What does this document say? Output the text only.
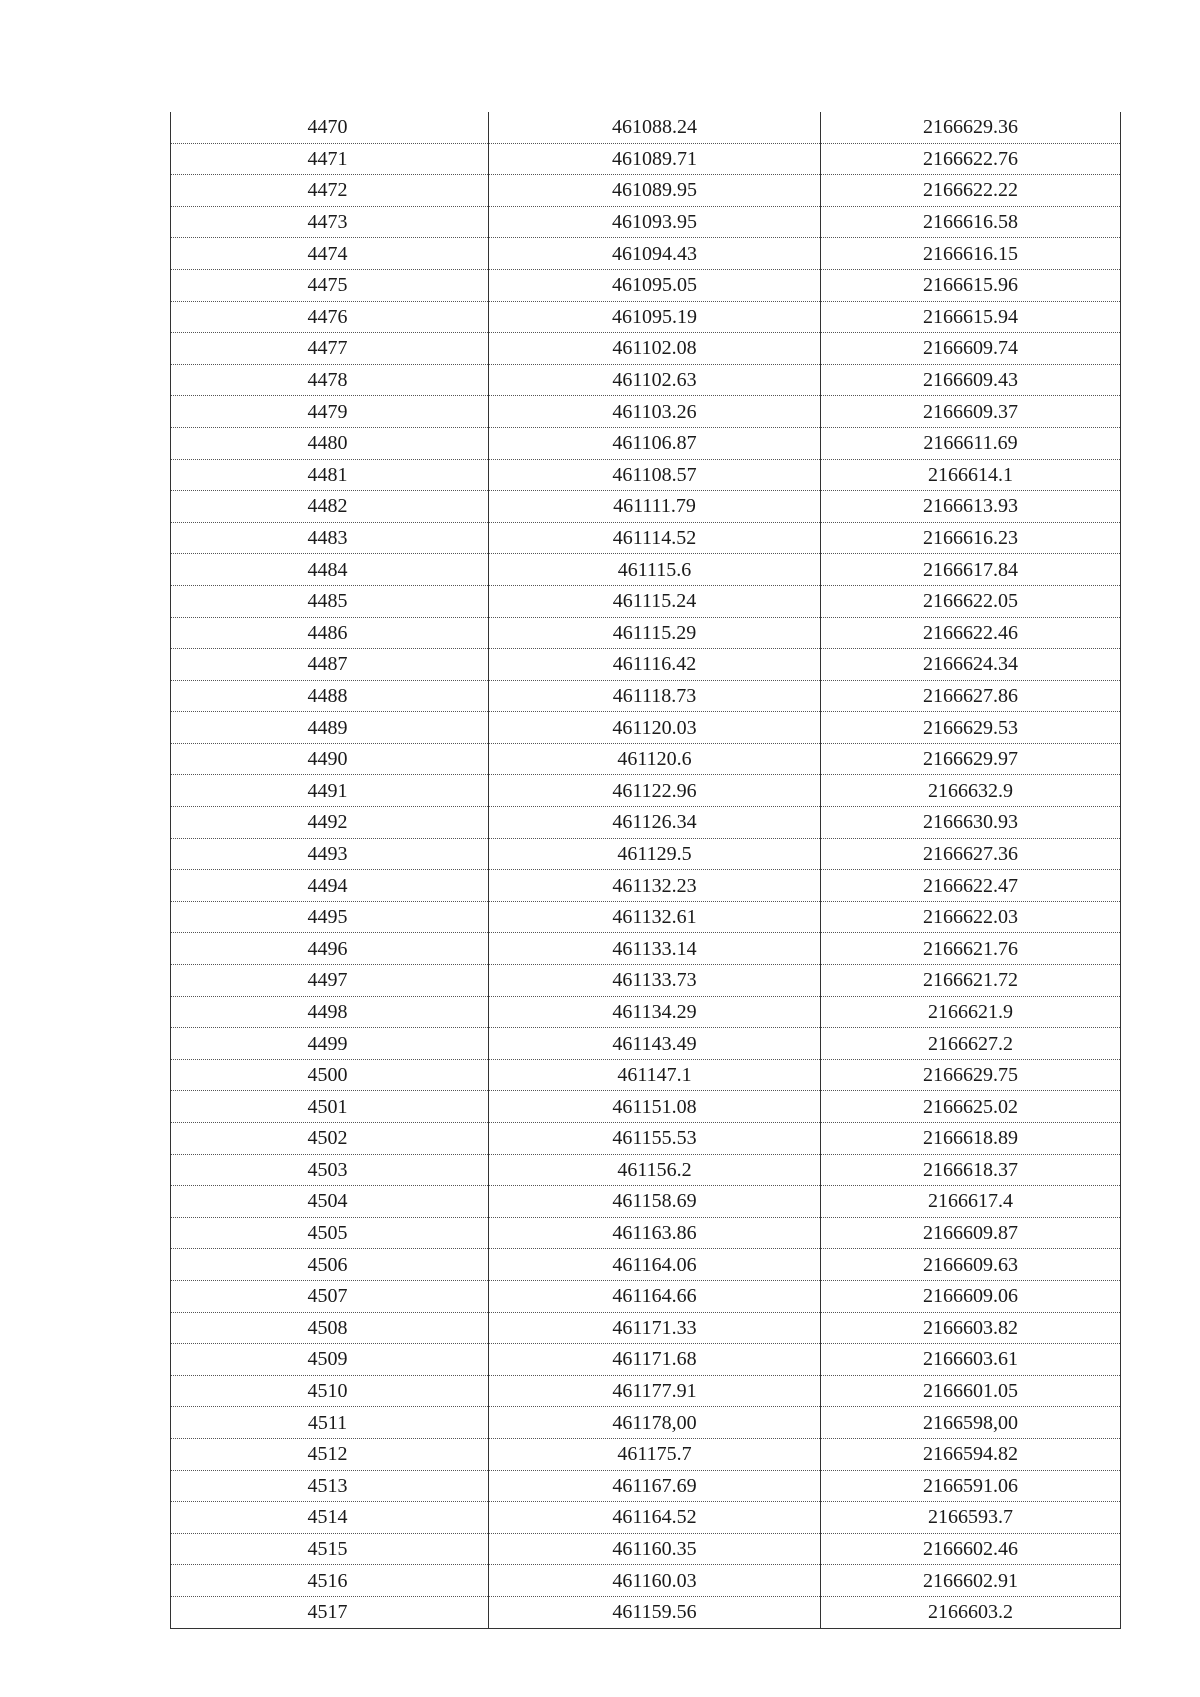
4470	461088.24	2166629.36
4471	461089.71	2166622.76
4472	461089.95	2166622.22
4473	461093.95	2166616.58
4474	461094.43	2166616.15
4475	461095.05	2166615.96
4476	461095.19	2166615.94
4477	461102.08	2166609.74
4478	461102.63	2166609.43
4479	461103.26	2166609.37
4480	461106.87	2166611.69
4481	461108.57	2166614.1
4482	461111.79	2166613.93
4483	461114.52	2166616.23
4484	461115.6	2166617.84
4485	461115.24	2166622.05
4486	461115.29	2166622.46
4487	461116.42	2166624.34
4488	461118.73	2166627.86
4489	461120.03	2166629.53
4490	461120.6	2166629.97
4491	461122.96	2166632.9
4492	461126.34	2166630.93
4493	461129.5	2166627.36
4494	461132.23	2166622.47
4495	461132.61	2166622.03
4496	461133.14	2166621.76
4497	461133.73	2166621.72
4498	461134.29	2166621.9
4499	461143.49	2166627.2
4500	461147.1	2166629.75
4501	461151.08	2166625.02
4502	461155.53	2166618.89
4503	461156.2	2166618.37
4504	461158.69	2166617.4
4505	461163.86	2166609.87
4506	461164.06	2166609.63
4507	461164.66	2166609.06
4508	461171.33	2166603.82
4509	461171.68	2166603.61
4510	461177.91	2166601.05
4511	461178,00	2166598,00
4512	461175.7	2166594.82
4513	461167.69	2166591.06
4514	461164.52	2166593.7
4515	461160.35	2166602.46
4516	461160.03	2166602.91
4517	461159.56	2166603.2
